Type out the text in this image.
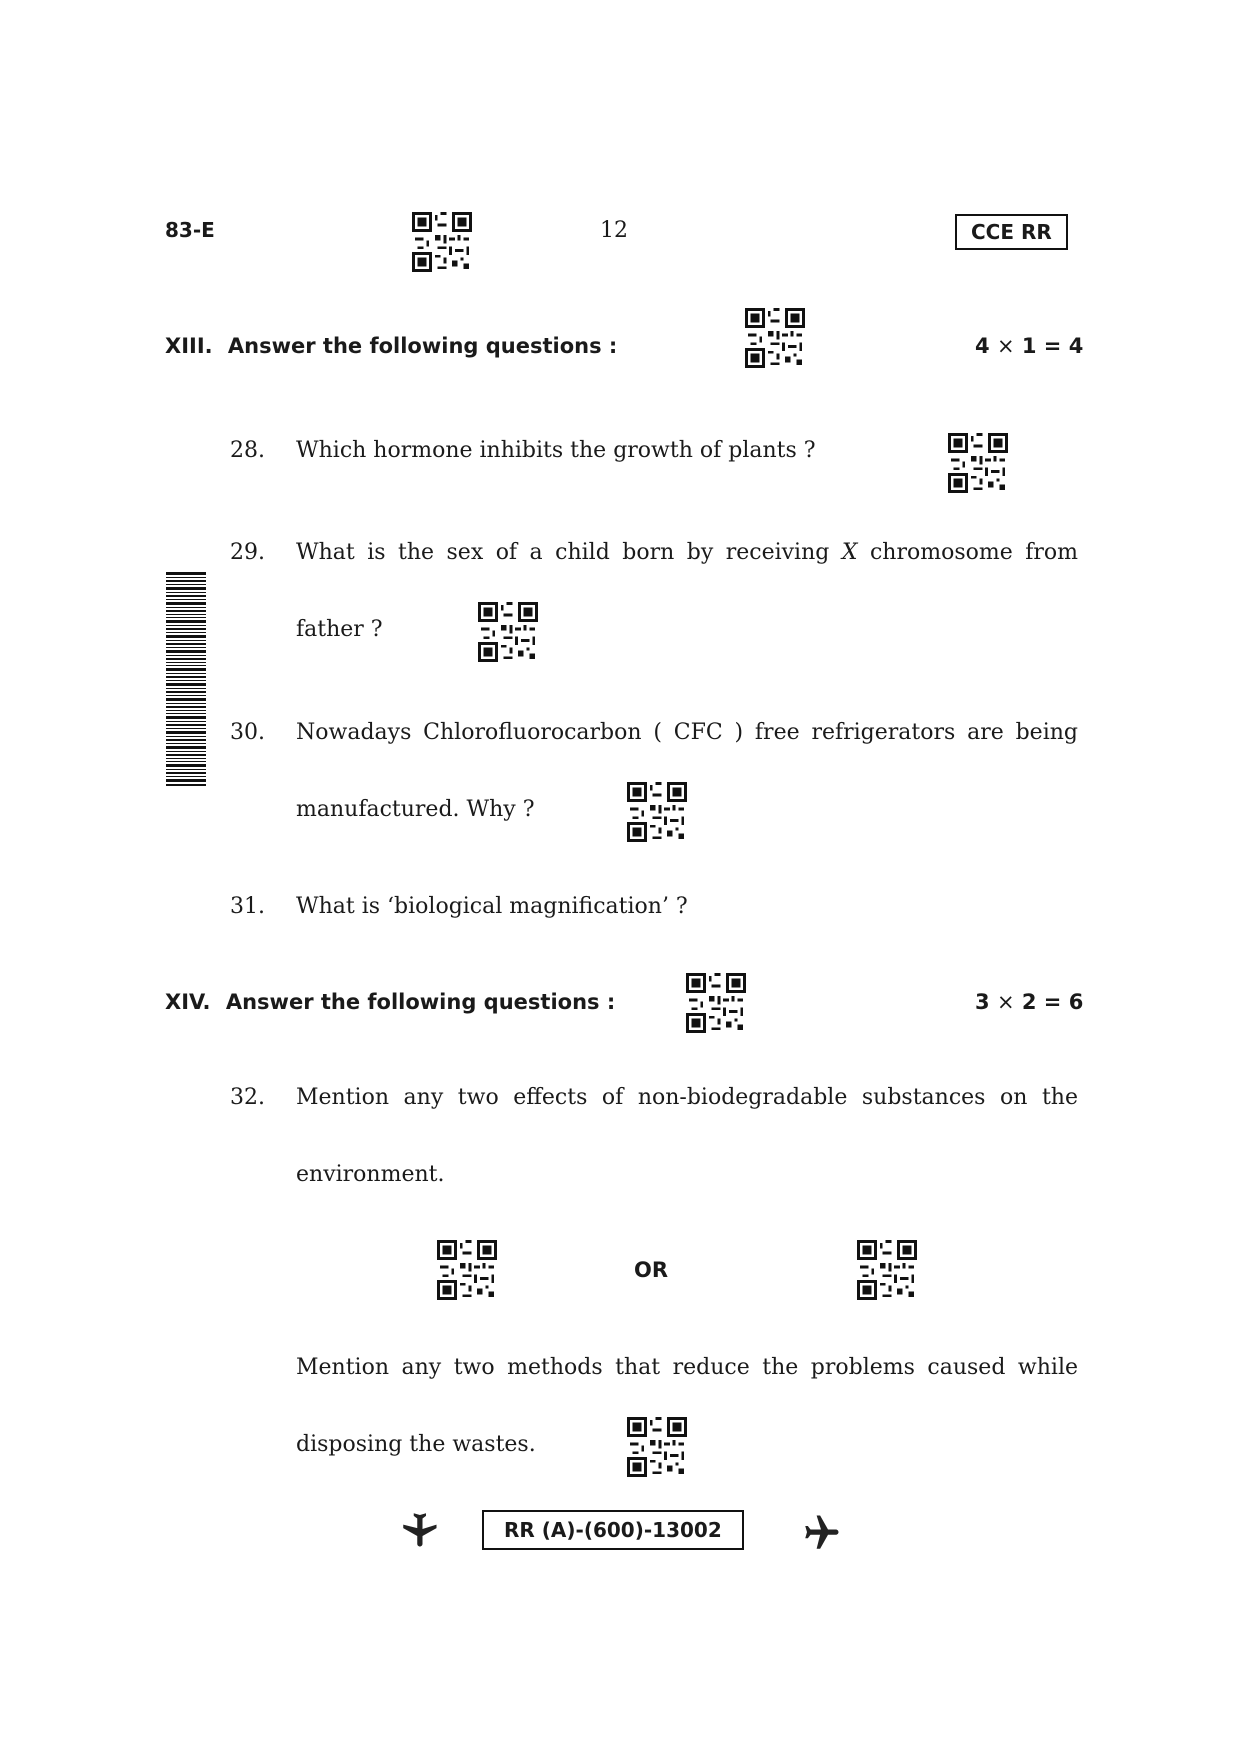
83-E	12	CCE RR
XIII. Answer the following questions :	4 × 1 = 4
28. Which hormone inhibits the growth of plants ?
29. What is the sex of a child born by receiving X chromosome from
father ?
30. Nowadays Chlorofluorocarbon ( CFC ) free refrigerators are being
manufactured. Why ?
31. What is ‘biological magnification’ ?
XIV. Answer the following questions :	3 × 2 = 6
32. Mention any two effects of non-biodegradable substances on the
environment.
OR
Mention any two methods that reduce the problems caused while
disposing the wastes.
RR (A)-(600)-13002
